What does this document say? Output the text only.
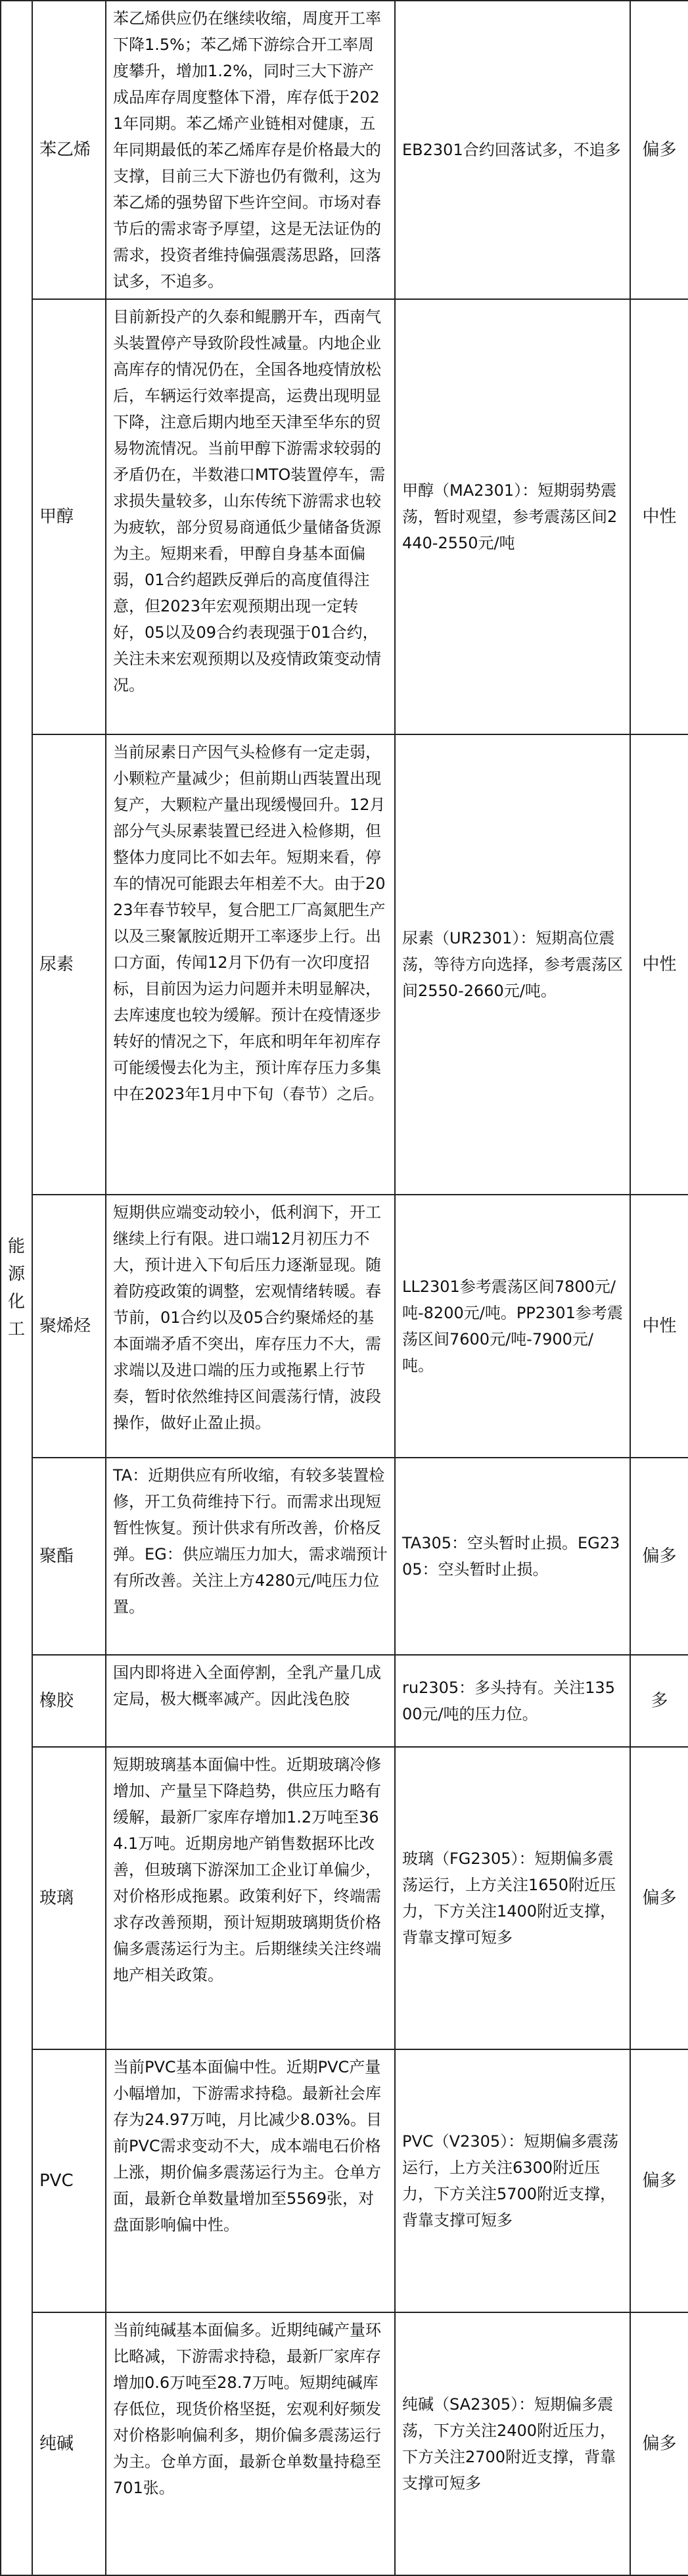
能源化工	苯乙烯	苯乙烯供应仍在继续收缩，周度开工率下降1.5%；苯乙烯下游综合开工率周度攀升，增加1.2%，同时三大下游产成品库存周度整体下滑，库存低于2021年同期。苯乙烯产业链相对健康，五年同期最低的苯乙烯库存是价格最大的支撑，目前三大下游也仍有微利，这为苯乙烯的强势留下些许空间。市场对春节后的需求寄予厚望，这是无法证伪的需求，投资者维持偏强震荡思路，回落试多，不追多。	EB2301合约回落试多，不追多	偏多
	甲醇	目前新投产的久泰和鲲鹏开车，西南气头装置停产导致阶段性减量。内地企业高库存的情况仍在，全国各地疫情放松后，车辆运行效率提高，运费出现明显下降，注意后期内地至天津至华东的贸易物流情况。当前甲醇下游需求较弱的矛盾仍在，半数港口MTO装置停车，需求损失量较多，山东传统下游需求也较为疲软，部分贸易商通低少量储备货源为主。短期来看，甲醇自身基本面偏弱，01合约超跌反弹后的高度值得注意，但2023年宏观预期出现一定转好，05以及09合约表现强于01合约，关注未来宏观预期以及疫情政策变动情况。	甲醇（MA2301）：短期弱势震荡，暂时观望，参考震荡区间2440-2550元/吨	中性
	尿素	当前尿素日产因气头检修有一定走弱，小颗粒产量减少；但前期山西装置出现复产，大颗粒产量出现缓慢回升。12月部分气头尿素装置已经进入检修期，但整体力度同比不如去年。短期来看，停车的情况可能跟去年相差不大。由于2023年春节较早，复合肥工厂高氮肥生产以及三聚氰胺近期开工率逐步上行。出口方面，传闻12月下仍有一次印度招标，目前因为运力问题并未明显解决，去库速度也较为缓解。预计在疫情逐步转好的情况之下，年底和明年年初库存可能缓慢去化为主，预计库存压力多集中在2023年1月中下旬（春节）之后。	尿素（UR2301）：短期高位震荡，等待方向选择，参考震荡区间2550-2660元/吨。	中性
	聚烯烃	短期供应端变动较小，低利润下，开工继续上行有限。进口端12月初压力不大，预计进入下旬后压力逐渐显现。随着防疫政策的调整，宏观情绪转暖。春节前，01合约以及05合约聚烯烃的基本面端矛盾不突出，库存压力不大，需求端以及进口端的压力或拖累上行节奏，暂时依然维持区间震荡行情，波段操作，做好止盈止损。	LL2301参考震荡区间7800元/吨-8200元/吨。PP2301参考震荡区间7600元/吨-7900元/吨。	中性
	聚酯	TA：近期供应有所收缩，有较多装置检修，开工负荷维持下行。而需求出现短暂性恢复。预计供求有所改善，价格反弹。EG：供应端压力加大，需求端预计有所改善。关注上方4280元/吨压力位置。	TA305：空头暂时止损。EG2305：空头暂时止损。	偏多
	橡胶	国内即将进入全面停割，全乳产量几成定局，极大概率减产。因此浅色胶	ru2305：多头持有。关注13500元/吨的压力位。	多
	玻璃	短期玻璃基本面偏中性。近期玻璃冷修增加、产量呈下降趋势，供应压力略有缓解，最新厂家库存增加1.2万吨至364.1万吨。近期房地产销售数据环比改善，但玻璃下游深加工企业订单偏少，对价格形成拖累。政策利好下，终端需求存改善预期，预计短期玻璃期货价格偏多震荡运行为主。后期继续关注终端地产相关政策。	玻璃（FG2305）：短期偏多震荡运行，上方关注1650附近压力，下方关注1400附近支撑，背靠支撑可短多	偏多
	PVC	当前PVC基本面偏中性。近期PVC产量小幅增加，下游需求持稳。最新社会库存为24.97万吨，月比减少8.03%。目前PVC需求变动不大，成本端电石价格上涨，期价偏多震荡运行为主。仓单方面，最新仓单数量增加至5569张，对盘面影响偏中性。	PVC（V2305）：短期偏多震荡运行，上方关注6300附近压力，下方关注5700附近支撑，背靠支撑可短多	偏多
	纯碱	当前纯碱基本面偏多。近期纯碱产量环比略减，下游需求持稳，最新厂家库存增加0.6万吨至28.7万吨。短期纯碱库存低位，现货价格坚挺，宏观利好频发对价格影响偏利多，期价偏多震荡运行为主。仓单方面，最新仓单数量持稳至701张。	纯碱（SA2305）：短期偏多震荡，下方关注2400附近压力，下方关注2700附近支撑，背靠支撑可短多	偏多
